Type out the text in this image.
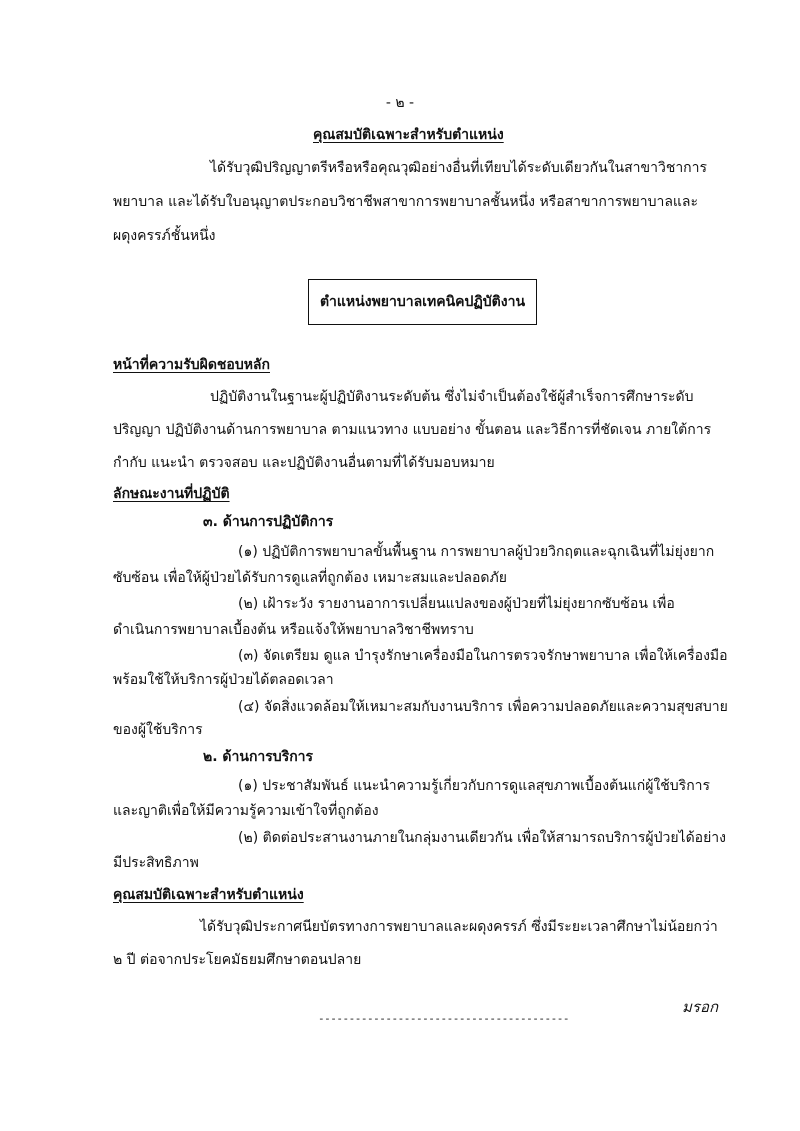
- ๒ -
คุณสมบัติเฉพาะสำหรับตำแหน่ง
ได้รับวุฒิปริญญาตรีหรือหรือคุณวุฒิอย่างอื่นที่เทียบได้ระดับเดียวกันในสาขาวิชาการ
พยาบาล และได้รับใบอนุญาตประกอบวิชาชีพสาขาการพยาบาลชั้นหนึ่ง หรือสาขาการพยาบาลและ
ผดุงครรภ์ชั้นหนึ่ง
ตำแหน่งพยาบาลเทคนิคปฏิบัติงาน
หน้าที่ความรับผิดชอบหลัก
ปฏิบัติงานในฐานะผู้ปฏิบัติงานระดับต้น ซึ่งไม่จำเป็นต้องใช้ผู้สำเร็จการศึกษาระดับ
ปริญญา ปฏิบัติงานด้านการพยาบาล ตามแนวทาง แบบอย่าง ขั้นตอน และวิธีการที่ชัดเจน ภายใต้การ
กำกับ แนะนำ ตรวจสอบ และปฏิบัติงานอื่นตามที่ได้รับมอบหมาย
ลักษณะงานที่ปฏิบัติ
๓. ด้านการปฏิบัติการ
(๑) ปฏิบัติการพยาบาลขั้นพื้นฐาน การพยาบาลผู้ป่วยวิกฤตและฉุกเฉินที่ไม่ยุ่งยาก
ซับซ้อน เพื่อให้ผู้ป่วยได้รับการดูแลที่ถูกต้อง เหมาะสมและปลอดภัย
(๒) เฝ้าระวัง รายงานอาการเปลี่ยนแปลงของผู้ป่วยที่ไม่ยุ่งยากซับซ้อน เพื่อ
ดำเนินการพยาบาลเบื้องต้น หรือแจ้งให้พยาบาลวิชาชีพทราบ
(๓) จัดเตรียม ดูแล บำรุงรักษาเครื่องมือในการตรวจรักษาพยาบาล เพื่อให้เครื่องมือ
พร้อมใช้ให้บริการผู้ป่วยได้ตลอดเวลา
(๔) จัดสิ่งแวดล้อมให้เหมาะสมกับงานบริการ เพื่อความปลอดภัยและความสุขสบาย
ของผู้ใช้บริการ
๒. ด้านการบริการ
(๑) ประชาสัมพันธ์ แนะนำความรู้เกี่ยวกับการดูแลสุขภาพเบื้องต้นแก่ผู้ใช้บริการ
และญาติเพื่อให้มีความรู้ความเข้าใจที่ถูกต้อง
(๒) ติดต่อประสานงานภายในกลุ่มงานเดียวกัน เพื่อให้สามารถบริการผู้ป่วยได้อย่าง
มีประสิทธิภาพ
คุณสมบัติเฉพาะสำหรับตำแหน่ง
ได้รับวุฒิประกาศนียบัตรทางการพยาบาลและผดุงครรภ์ ซึ่งมีระยะเวลาศึกษาไม่น้อยกว่า
๒ ปี ต่อจากประโยคมัธยมศึกษาตอนปลาย
มรอก
-----------------------------------------
